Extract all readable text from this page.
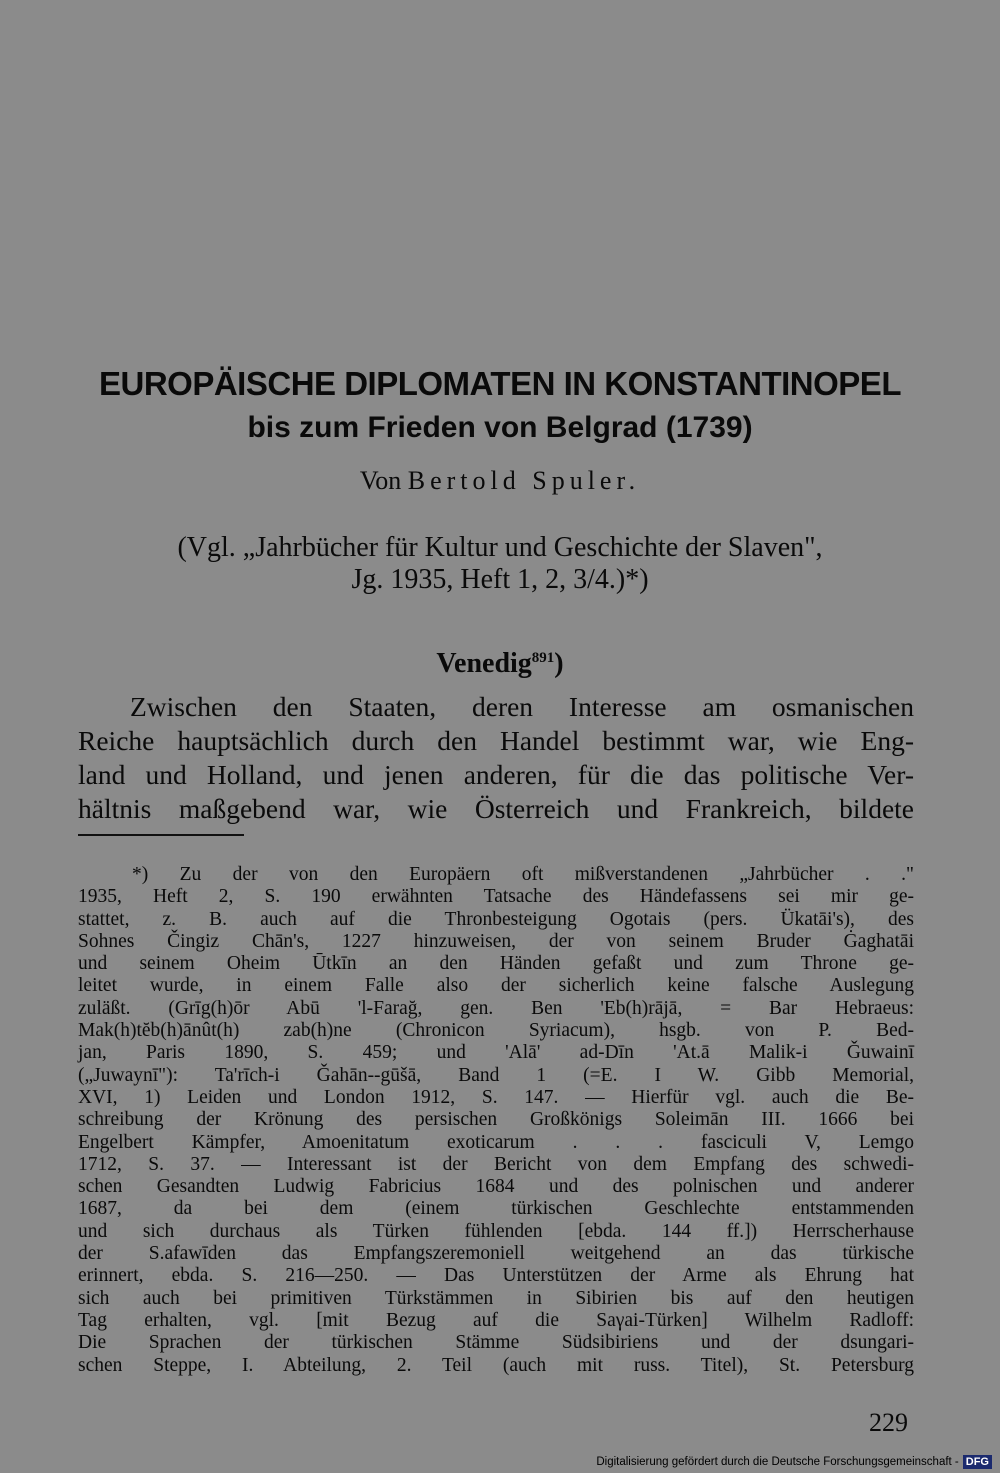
EUROPÄISCHE DIPLOMATEN IN KONSTANTINOPEL
bis zum Frieden von Belgrad (1739)
Von Bertold Spuler.
(Vgl. „Jahrbücher für Kultur und Geschichte der Slaven",
Jg. 1935, Heft 1, 2, 3/4.)*)
Venedig$^{891}$)
Zwischen den Staaten, deren Interesse am osmanischen
Reiche hauptsächlich durch den Handel bestimmt war, wie Eng-
land und Holland, und jenen anderen, für die das politische Ver-
hältnis maßgebend war, wie Österreich und Frankreich, bildete
*) Zu der von den Europäern oft mißverstandenen „Jahrbücher . ."
1935, Heft 2, S. 190 erwähnten Tatsache des Händefassens sei mir ge-
stattet, z. B. auch auf die Thronbesteigung Ogotais (pers. Ükatāi's), des
Sohnes Čingiz Chān's, 1227 hinzuweisen, der von seinem Bruder Ġaghatāi
und seinem Oheim Ūtkīn an den Händen gefaßt und zum Throne ge-
leitet wurde, in einem Falle also der sicherlich keine falsche Auslegung
zuläßt. (Grīg(h)ōr Abū 'l-Farağ, gen. Ben 'Eb(h)rājā, = Bar Hebraeus:
Mak(h)tĕb(h)ānût(h) zab(h)ne (Chronicon Syriacum), hsgb. von P. Bed-
jan, Paris 1890, S. 459; und 'Alā' ad-Dīn 'At.ā Malik-i Ǧuwainī
(„Juwaynī"): Ta'rīch-i Ǧahān--gūšā, Band 1 (=E. I W. Gibb Memorial,
XVI, 1) Leiden und London 1912, S. 147. — Hierfür vgl. auch die Be-
schreibung der Krönung des persischen Großkönigs Soleimān III. 1666 bei
Engelbert Kämpfer, Amoenitatum exoticarum . . . fasciculi V, Lemgo
1712, S. 37. — Interessant ist der Bericht von dem Empfang des schwedi-
schen Gesandten Ludwig Fabricius 1684 und des polnischen und anderer
1687, da bei dem (einem türkischen Geschlechte entstammenden
und sich durchaus als Türken fühlenden [ebda. 144 ff.]) Herrscherhause
der S.afawīden das Empfangszeremoniell weitgehend an das türkische
erinnert, ebda. S. 216—250. — Das Unterstützen der Arme als Ehrung hat
sich auch bei primitiven Türkstämmen in Sibirien bis auf den heutigen
Tag erhalten, vgl. [mit Bezug auf die Saγai-Türken] Wilhelm Radloff:
Die Sprachen der türkischen Stämme Südsibiriens und der dsungari-
schen Steppe, I. Abteilung, 2. Teil (auch mit russ. Titel), St. Petersburg
229
Digitalisierung gefördert durch die Deutsche Forschungsgemeinschaft - DFG
